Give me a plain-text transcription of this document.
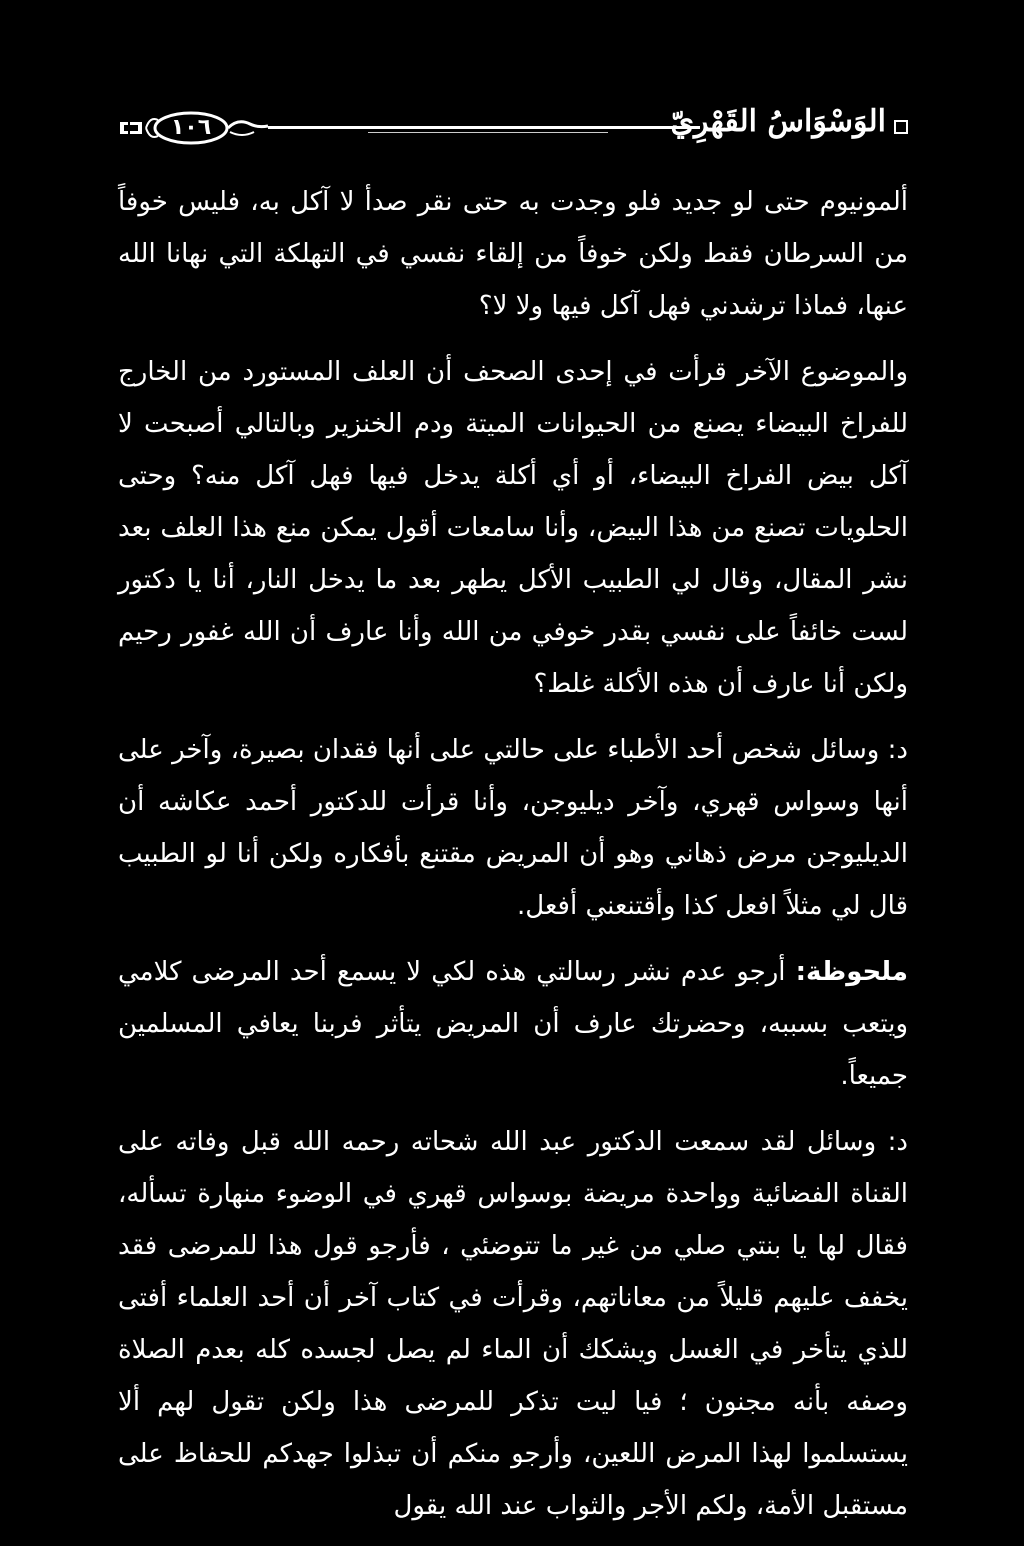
١٠٦	الوَسْوَاسُ القَهْرِيّ

ألمونيوم حتى لو جديد فلو وجدت به حتى نقر صدأ لا آكل به، فليس خوفاً من السرطان فقط ولكن خوفاً من إلقاء نفسي في التهلكة التي نهانا الله عنها، فماذا ترشدني فهل آكل فيها ولا لا؟

والموضوع الآخر قرأت في إحدى الصحف أن العلف المستورد من الخارج للفراخ البيضاء يصنع من الحيوانات الميتة ودم الخنزير وبالتالي أصبحت لا آكل بيض الفراخ البيضاء، أو أي أكلة يدخل فيها فهل آكل منه؟ وحتى الحلويات تصنع من هذا البيض، وأنا سامعات أقول يمكن منع هذا العلف بعد نشر المقال، وقال لي الطبيب الأكل يطهر بعد ما يدخل النار، أنا يا دكتور لست خائفاً على نفسي بقدر خوفي من الله وأنا عارف أن الله غفور رحيم ولكن أنا عارف أن هذه الأكلة غلط؟

د: وسائل شخص أحد الأطباء على حالتي على أنها فقدان بصيرة، وآخر على أنها وسواس قهري، وآخر ديليوجن، وأنا قرأت للدكتور أحمد عكاشه أن الديليوجن مرض ذهاني وهو أن المريض مقتنع بأفكاره ولكن أنا لو الطبيب قال لي مثلاً افعل كذا وأقتنعني أفعل.

ملحوظة: أرجو عدم نشر رسالتي هذه لكي لا يسمع أحد المرضى كلامي ويتعب بسببه، وحضرتك عارف أن المريض يتأثر فربنا يعافي المسلمين جميعاً.

د: وسائل لقد سمعت الدكتور عبد الله شحاته رحمه الله قبل وفاته على القناة الفضائية وواحدة مريضة بوسواس قهري في الوضوء منهارة تسأله، فقال لها يا بنتي صلي من غير ما تتوضئي ، فأرجو قول هذا للمرضى فقد يخفف عليهم قليلاً من معاناتهم، وقرأت في كتاب آخر أن أحد العلماء أفتى للذي يتأخر في الغسل ويشكك أن الماء لم يصل لجسده كله بعدم الصلاة وصفه بأنه مجنون ؛ فيا ليت تذكر للمرضى هذا ولكن تقول لهم ألا يستسلموا لهذا المرض اللعين، وأرجو منكم أن تبذلوا جهدكم للحفاظ على مستقبل الأمة، ولكم الأجر والثواب عند الله يقول
